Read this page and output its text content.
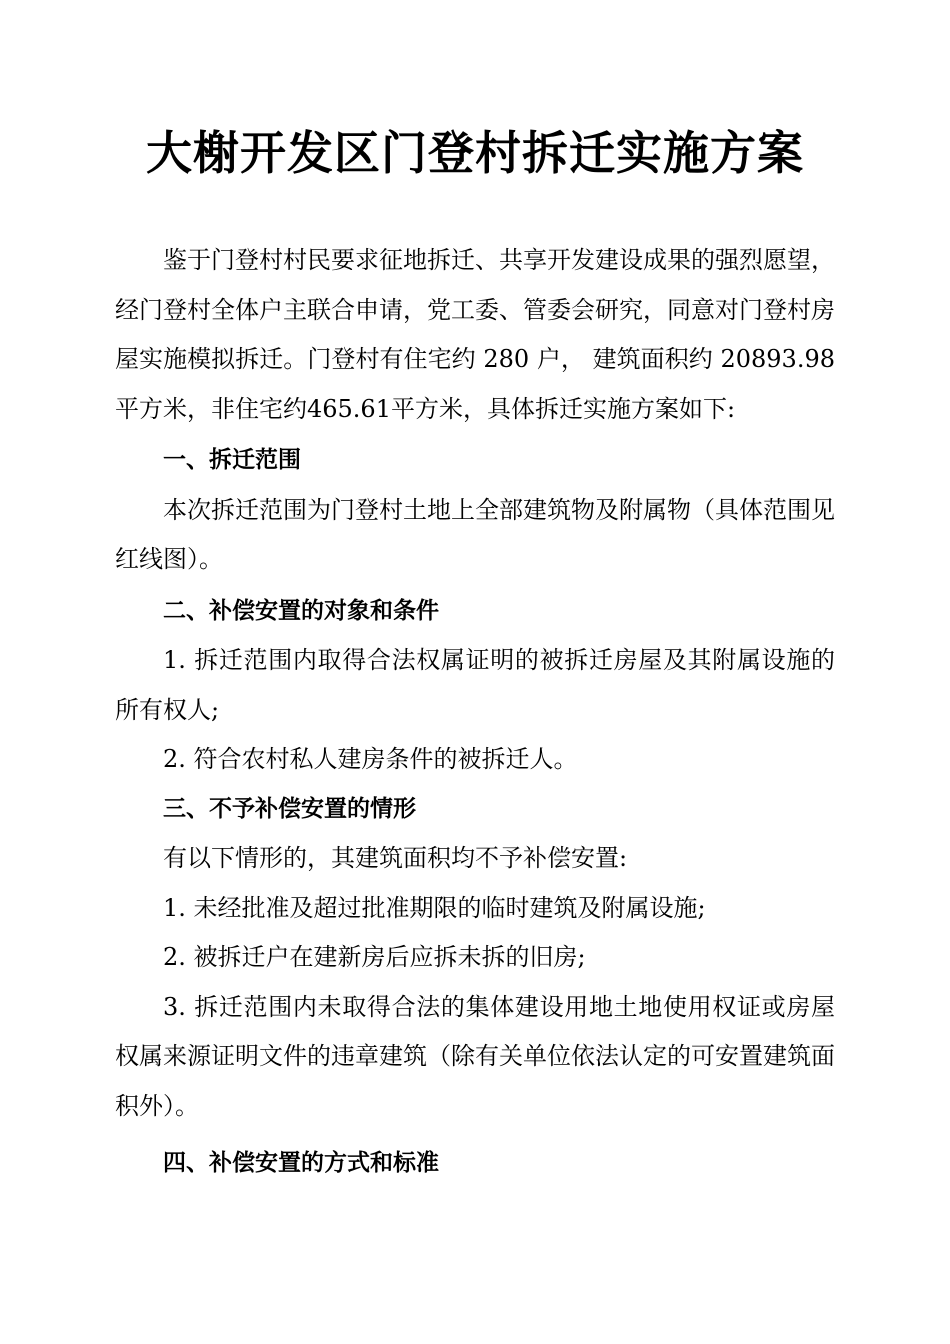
大榭开发区门登村拆迁实施方案

鉴于门登村村民要求征地拆迁、共享开发建设成果的强烈愿望，经门登村全体户主联合申请，党工委、管委会研究，同意对门登村房屋实施模拟拆迁。门登村有住宅约 280 户， 建筑面积约 20893.98平方米，非住宅约465.61平方米，具体拆迁实施方案如下:

一、拆迁范围

本次拆迁范围为门登村土地上全部建筑物及附属物（具体范围见红线图）。

二、补偿安置的对象和条件

1. 拆迁范围内取得合法权属证明的被拆迁房屋及其附属设施的所有权人;

2. 符合农村私人建房条件的被拆迁人。

三、不予补偿安置的情形

有以下情形的，其建筑面积均不予补偿安置:

1. 未经批准及超过批准期限的临时建筑及附属设施;

2. 被拆迁户在建新房后应拆未拆的旧房;

3. 拆迁范围内未取得合法的集体建设用地土地使用权证或房屋权属来源证明文件的违章建筑（除有关单位依法认定的可安置建筑面积外）。

四、补偿安置的方式和标准
